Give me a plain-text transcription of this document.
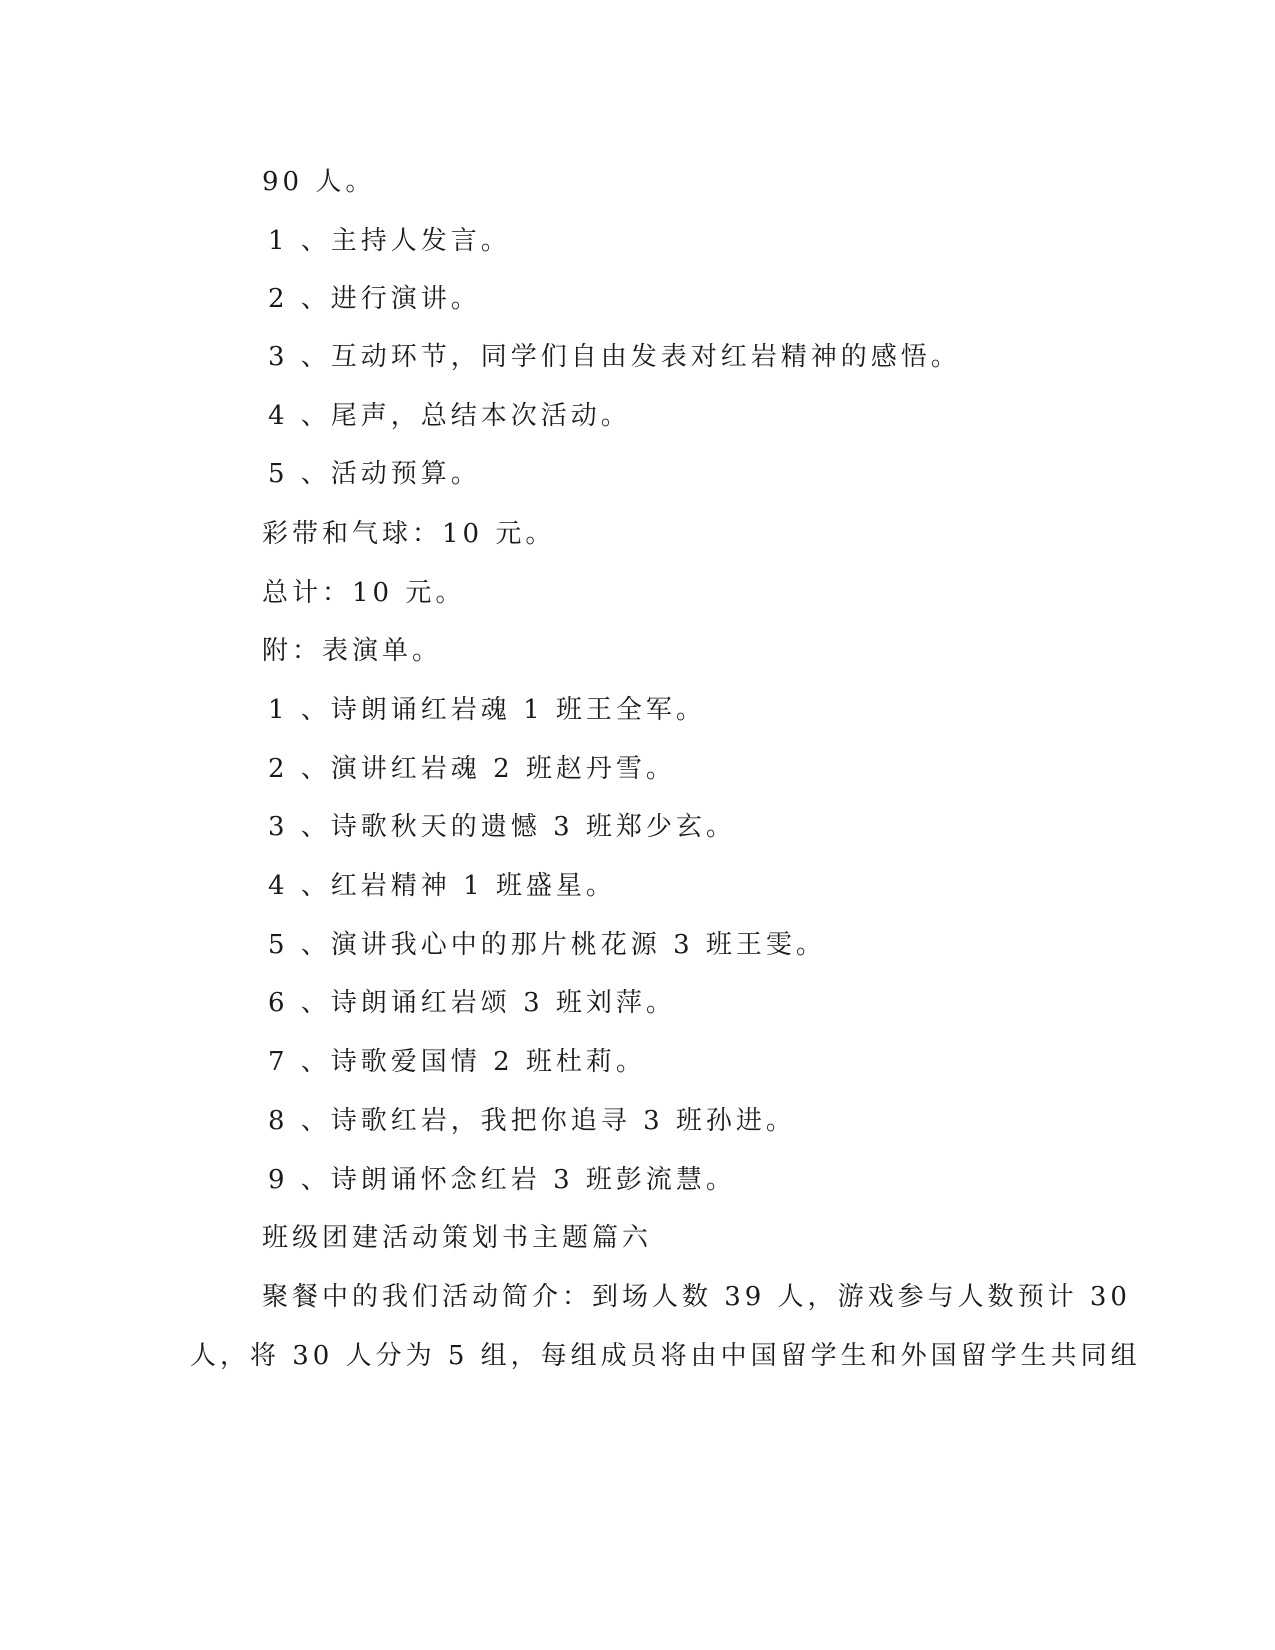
90 人。
1 、主持人发言。
2 、进行演讲。
3 、互动环节，同学们自由发表对红岩精神的感悟。
4 、尾声，总结本次活动。
5 、活动预算。
彩带和气球：10 元。
总计：10 元。
附：表演单。
1 、诗朗诵红岩魂 1 班王全军。
2 、演讲红岩魂 2 班赵丹雪。
3 、诗歌秋天的遗憾 3 班郑少玄。
4 、红岩精神 1 班盛星。
5 、演讲我心中的那片桃花源 3 班王雯。
6 、诗朗诵红岩颂 3 班刘萍。
7 、诗歌爱国情 2 班杜莉。
8 、诗歌红岩，我把你追寻 3 班孙进。
9 、诗朗诵怀念红岩 3 班彭流慧。
班级团建活动策划书主题篇六
聚餐中的我们活动简介：到场人数 39 人，游戏参与人数预计 30
人，将 30 人分为 5 组，每组成员将由中国留学生和外国留学生共同组
